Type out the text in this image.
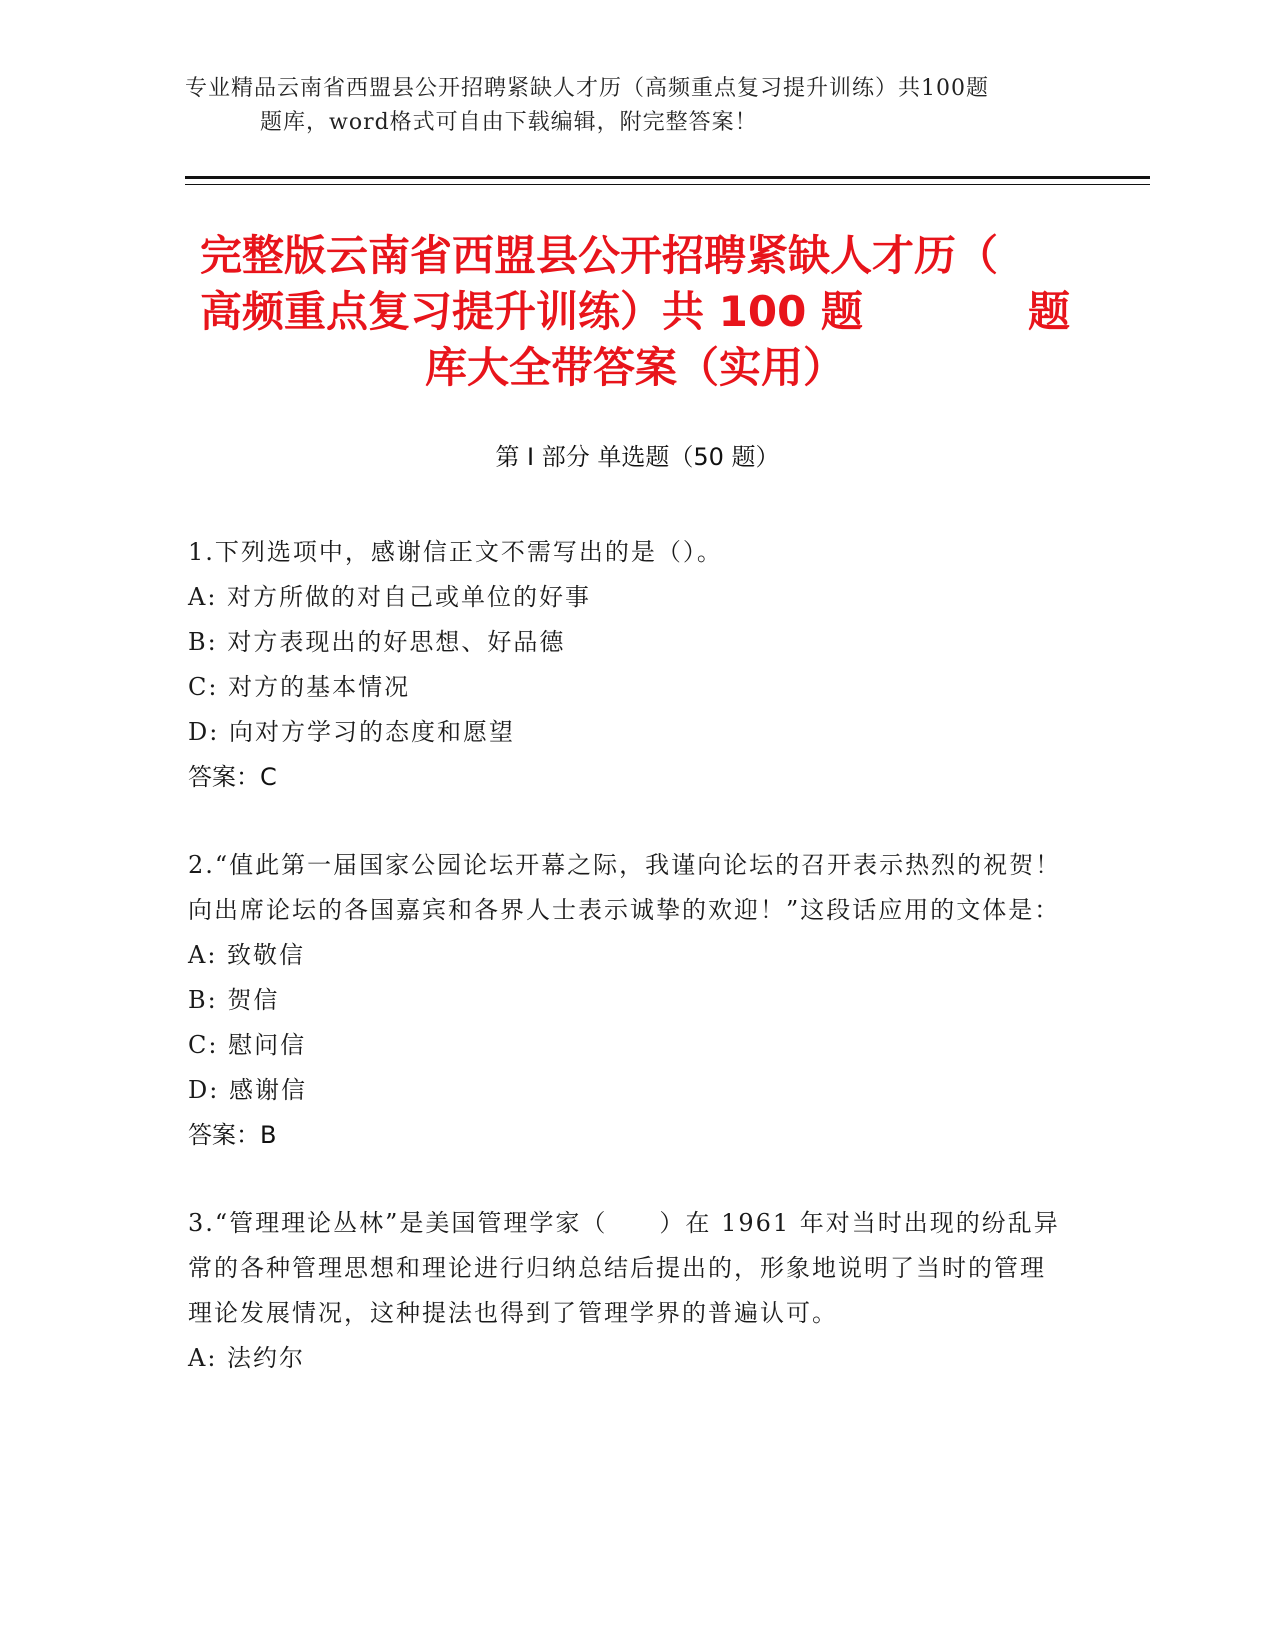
专业精品云南省西盟县公开招聘紧缺人才历（高频重点复习提升训练）共100题
题库，word格式可自由下载编辑，附完整答案！
完整版云南省西盟县公开招聘紧缺人才历（
高频重点复习提升训练）共 100 题	题
库大全带答案（实用）
第 I 部分 单选题（50 题）
1.下列选项中，感谢信正文不需写出的是（）。
A: 对方所做的对自己或单位的好事
B: 对方表现出的好思想、好品德
C: 对方的基本情况
D: 向对方学习的态度和愿望
答案：C
2.“值此第一届国家公园论坛开幕之际，我谨向论坛的召开表示热烈的祝贺！向出席论坛的各国嘉宾和各界人士表示诚挚的欢迎！”这段话应用的文体是：
A: 致敬信
B: 贺信
C: 慰问信
D: 感谢信
答案：B
3.“管理理论丛林”是美国管理学家（　　）在 1961 年对当时出现的纷乱异常的各种管理思想和理论进行归纳总结后提出的，形象地说明了当时的管理理论发展情况，这种提法也得到了管理学界的普遍认可。
A: 法约尔
